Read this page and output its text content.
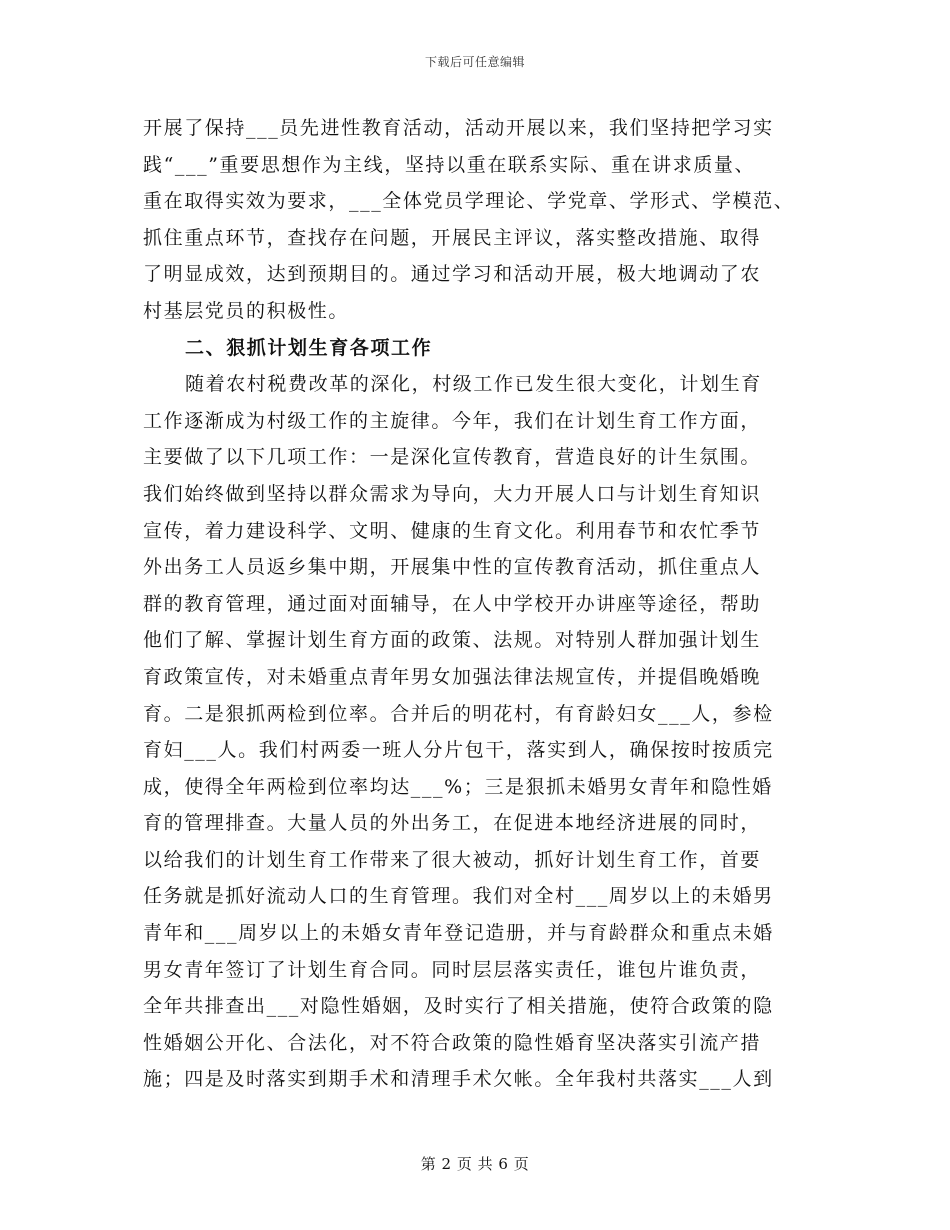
下载后可任意编辑
开展了保持___员先进性教育活动，活动开展以来，我们坚持把学习实
践“___”重要思想作为主线，坚持以重在联系实际、重在讲求质量、
重在取得实效为要求，___全体党员学理论、学党章、学形式、学模范、
抓住重点环节，查找存在问题，开展民主评议，落实整改措施、取得
了明显成效，达到预期目的。通过学习和活动开展，极大地调动了农
村基层党员的积极性。
二、狠抓计划生育各项工作
随着农村税费改革的深化，村级工作已发生很大变化，计划生育
工作逐渐成为村级工作的主旋律。今年，我们在计划生育工作方面，
主要做了以下几项工作：一是深化宣传教育，营造良好的计生氛围。
我们始终做到坚持以群众需求为导向，大力开展人口与计划生育知识
宣传，着力建设科学、文明、健康的生育文化。利用春节和农忙季节
外出务工人员返乡集中期，开展集中性的宣传教育活动，抓住重点人
群的教育管理，通过面对面辅导，在人中学校开办讲座等途径，帮助
他们了解、掌握计划生育方面的政策、法规。对特别人群加强计划生
育政策宣传，对未婚重点青年男女加强法律法规宣传，并提倡晚婚晚
育。二是狠抓两检到位率。合并后的明花村，有育龄妇女___人，参检
育妇___人。我们村两委一班人分片包干，落实到人，确保按时按质完
成，使得全年两检到位率均达___%；三是狠抓未婚男女青年和隐性婚
育的管理排查。大量人员的外出务工，在促进本地经济进展的同时，
以给我们的计划生育工作带来了很大被动，抓好计划生育工作，首要
任务就是抓好流动人口的生育管理。我们对全村___周岁以上的未婚男
青年和___周岁以上的未婚女青年登记造册，并与育龄群众和重点未婚
男女青年签订了计划生育合同。同时层层落实责任，谁包片谁负责，
全年共排查出___对隐性婚姻，及时实行了相关措施，使符合政策的隐
性婚姻公开化、合法化，对不符合政策的隐性婚育坚决落实引流产措
施；四是及时落实到期手术和清理手术欠帐。全年我村共落实___人到
第 2 页 共 6 页
